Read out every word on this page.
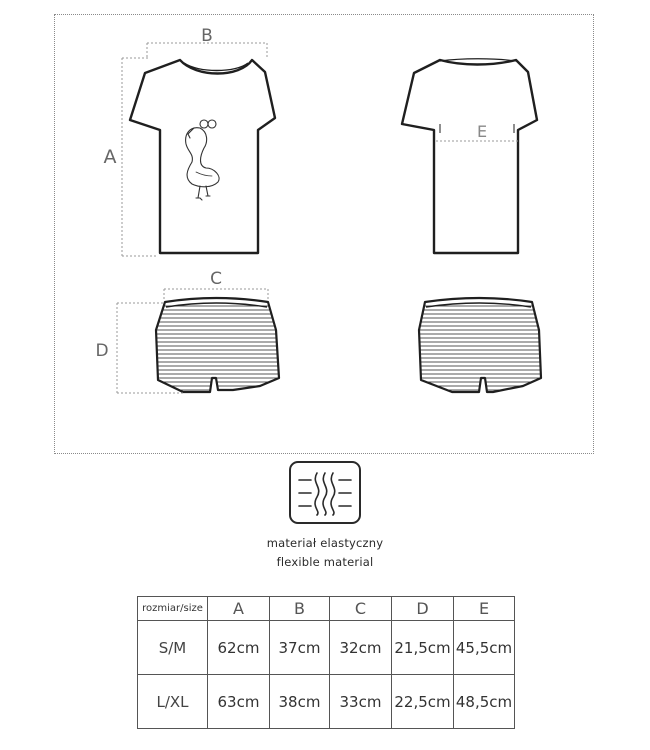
B
A
C
D
E
materiał elastyczny
flexible material
rozmiar/size	A	B	C	D	E
S/M	62cm	37cm	32cm	21,5cm	45,5cm
L/XL	63cm	38cm	33cm	22,5cm	48,5cm
